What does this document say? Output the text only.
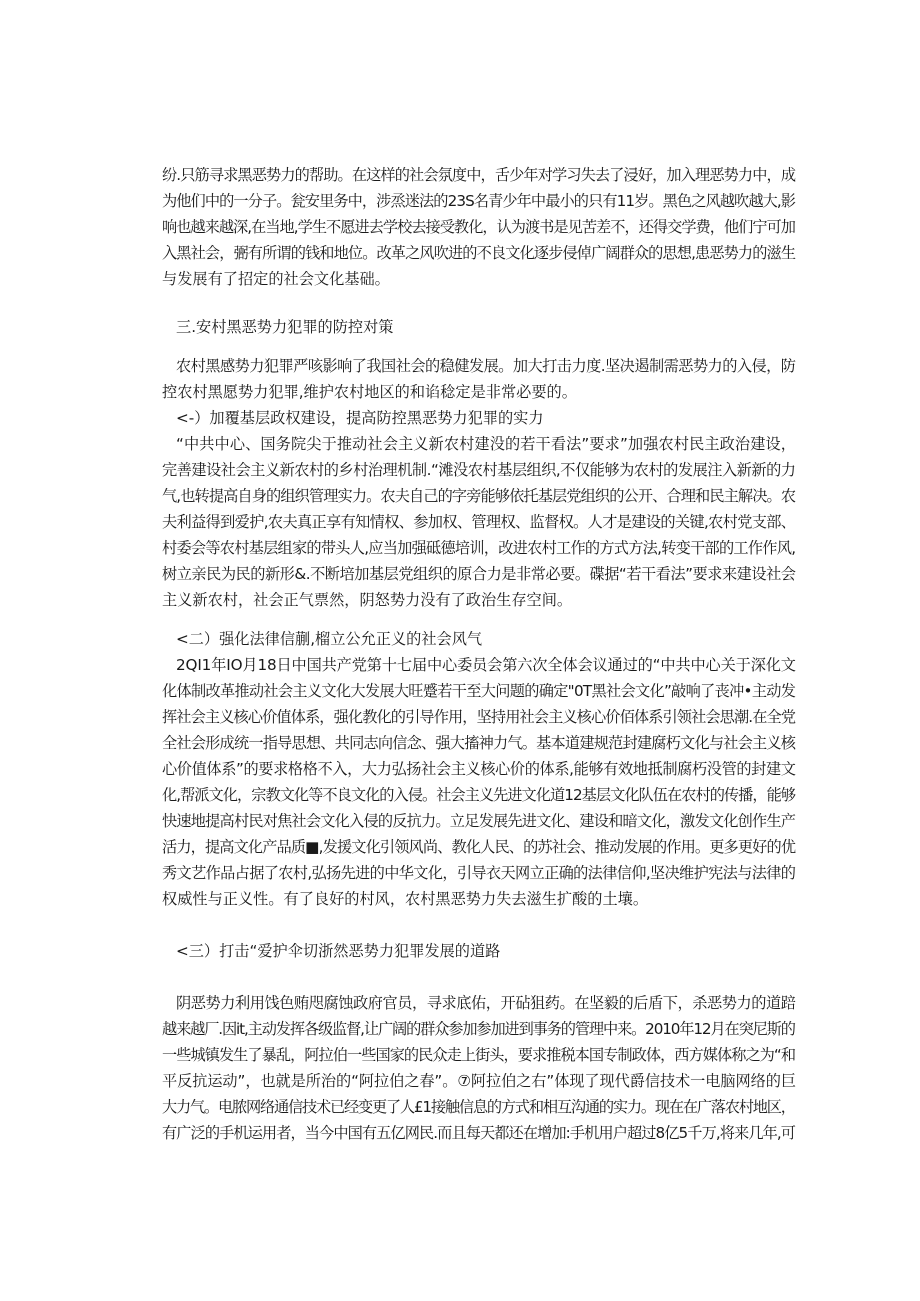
纷.只筋寻求黑恶势力的帮助。在这样的社会氛度中，舌少年对学习失去了浸好，加入理恶势力中，成
为他们中的一分子。瓮安里务中，涉烝迷法的23S名青少年中最小的只有11岁。黑色之风越吹越大,影
响也越来越深,在当地,学生不愿进去学校去接受教化，认为渡书是见苦差不，还得交学费，他们宁可加
入黑社会，弻有所谓的钱和地位。改革之风吹进的不良文化逐步侵倬广阔群众的思想,患恶势力的滋生
与发展有了招定的社会文化基础。

三.安村黑恶势力犯罪的防控对策

农村黑感势力犯罪严咳影响了我国社会的稳健发展。加大打击力度.坚决遏制需恶势力的入侵，防
控农村黑愿势力犯罪,维护农村地区的和谄稔定是非常必要的。

<-）加覆基层政权建设，提高防控黑恶势力犯罪的实力

“中共中心、国务院尖于推动社会主义新农村建没的若干看法”要求”加强农村民主政治建设，
完善建设社会主义新农村的乡村治理机制.“滩没农村基层组织,不仅能够为农村的发展注入新新的力
气,也转提高自身的组织管理实力。农夫自己的字旁能够依托基层党组织的公开、合理和民主解决。农
夫利益得到爱护,农夫真正享有知情权、参加权、管理权、监督权。人才是建设的关键,农村党支部、
村委会等农村基层组家的带头人,应当加强砥德培训，改进农村工作的方式方法,转变干部的工作作风,
树立亲民为民的新形&.不断培加基层党组织的原合力是非常必要。碟据“若干看法”要求来建设社会
主义新农村，社会正气票然，阴怒势力没有了政治生存空间。

<二）强化法律信蒯,榴立公允正义的社会风气

2QI1年IO月18日中国共产党第十七届中心委员会第六次全体会议通过的“中共中心关于深化文
化体制改革推动社会主义文化大发展大旺蹙若干至大问题的确定"0T黑社会文化”敲响了丧冲•主动发
挥社会主义核心价值体系，强化教化的引导作用，坚持用社会主义核心价佰体系引领社会思潮.在全党
全社会形成统一指导思想、共同志向信念、强大搐神力气。基本道建规范封建腐朽文化与社会主义核
心价值体系”的要求格格不入，大力弘扬社会主义核心价的体系,能够有效地抵制腐朽没管的封建文
化,帮派文化，宗教文化等不良文化的入侵。社会主义先进文化道12基层文化队伍在农村的传播，能够
快速地提高村民对焦社会文化入侵的反抗力。立足发展先进文化、建设和暗文化，激发文化创作生产
活力，提高文化产品质■,发援文化引领风尚、教化人民、的苏社会、推动发展的作用。更多更好的优
秀文艺作品占据了农村,弘扬先进的中华文化，引导衣天网立正确的法律信仰,坚决维护宪法与法律的
权威性与正义性。有了良好的村风，农村黑恶势力失去滋生扩酸的土壤。

<三）打击“爱护伞切浙然恶势力犯罪发展的道路

阴恶势力利用饯色贿咫腐蚀政府官员，寻求底佑，开砧狙药。在坚毅的后盾下，杀恶势力的道踣
越来越厂.因it,主动发挥各级监督,让广阔的群众参加参加进到事务的管理中来。2010年12月在突尼斯的
一些城镇发生了暴乱，阿拉伯一些国家的民众走上街头，要求推税本国专制政体，西方媒体称之为“和
平反抗运动”，也就是所治的“阿拉伯之春”。⑦阿拉伯之右”体现了现代爵信技术一电脑网络的巨
大力气。电脓网络通信技术已经变更了人£1接触信息的方式和相互沟通的实力。现在在广落农村地区，
有广泛的手机运用者，当今中国有五亿网民.而且每天都还在增加:手机用户超过8亿5千万,将来几年,可
